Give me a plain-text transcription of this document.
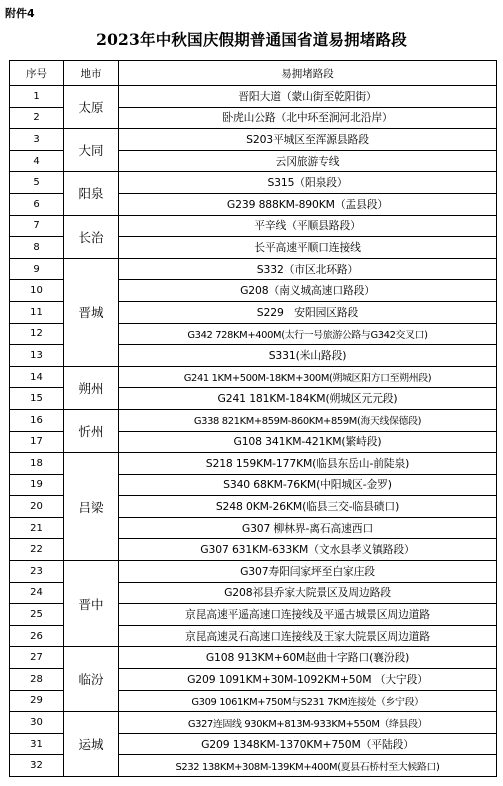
附件4
2023年中秋国庆假期普通国省道易拥堵路段
序号	地市	易拥堵路段
1	太原	晋阳大道（蒙山街至乾阳街）
2		卧虎山公路（北中环至涧河北沿岸）
3	大同	S203平城区至浑源县路段
4		云冈旅游专线
5	阳泉	S315（阳泉段）
6		G239 888KM-890KM（盂县段）
7	长治	平辛线（平顺县路段）
8		长平高速平顺口连接线
9	晋城	S332（市区北环路）
10		G208（南义城高速口路段）
11		S229　安阳园区路段
12		G342 728KM+400M(太行一号旅游公路与G342交叉口)
13		S331(米山路段)
14	朔州	G241 1KM+500M-18KM+300M(朔城区阳方口至朔州段)
15		G241 181KM-184KM(朔城区元元段)
16	忻州	G338 821KM+859M-860KM+859M(海天线保德段)
17		G108 341KM-421KM(繁峙段)
18	吕梁	S218 159KM-177KM(临县东岳山-前陡泉)
19		S340 68KM-76KM(中阳城区-金罗)
20		S248 0KM-26KM(临县三交-临县碛口)
21		G307 柳林界-离石高速西口
22		G307 631KM-633KM（文水县孝义镇路段）
23	晋中	G307寿阳闫家坪至白家庄段
24		G208祁县乔家大院景区及周边路段
25		京昆高速平遥高速口连接线及平遥古城景区周边道路
26		京昆高速灵石高速口连接线及王家大院景区周边道路
27	临汾	G108 913KM+60M赵曲十字路口(襄汾段)
28		G209 1091KM+30M-1092KM+50M （大宁段）
29		G309 1061KM+750M与S231 7KM连接处（乡宁段）
30	运城	G327连固线 930KM+813M-933KM+550M（绛县段）
31		G209 1348KM-1370KM+750M（平陆段）
32		S232 138KM+308M-139KM+400M(夏县石桥村至大候路口)
